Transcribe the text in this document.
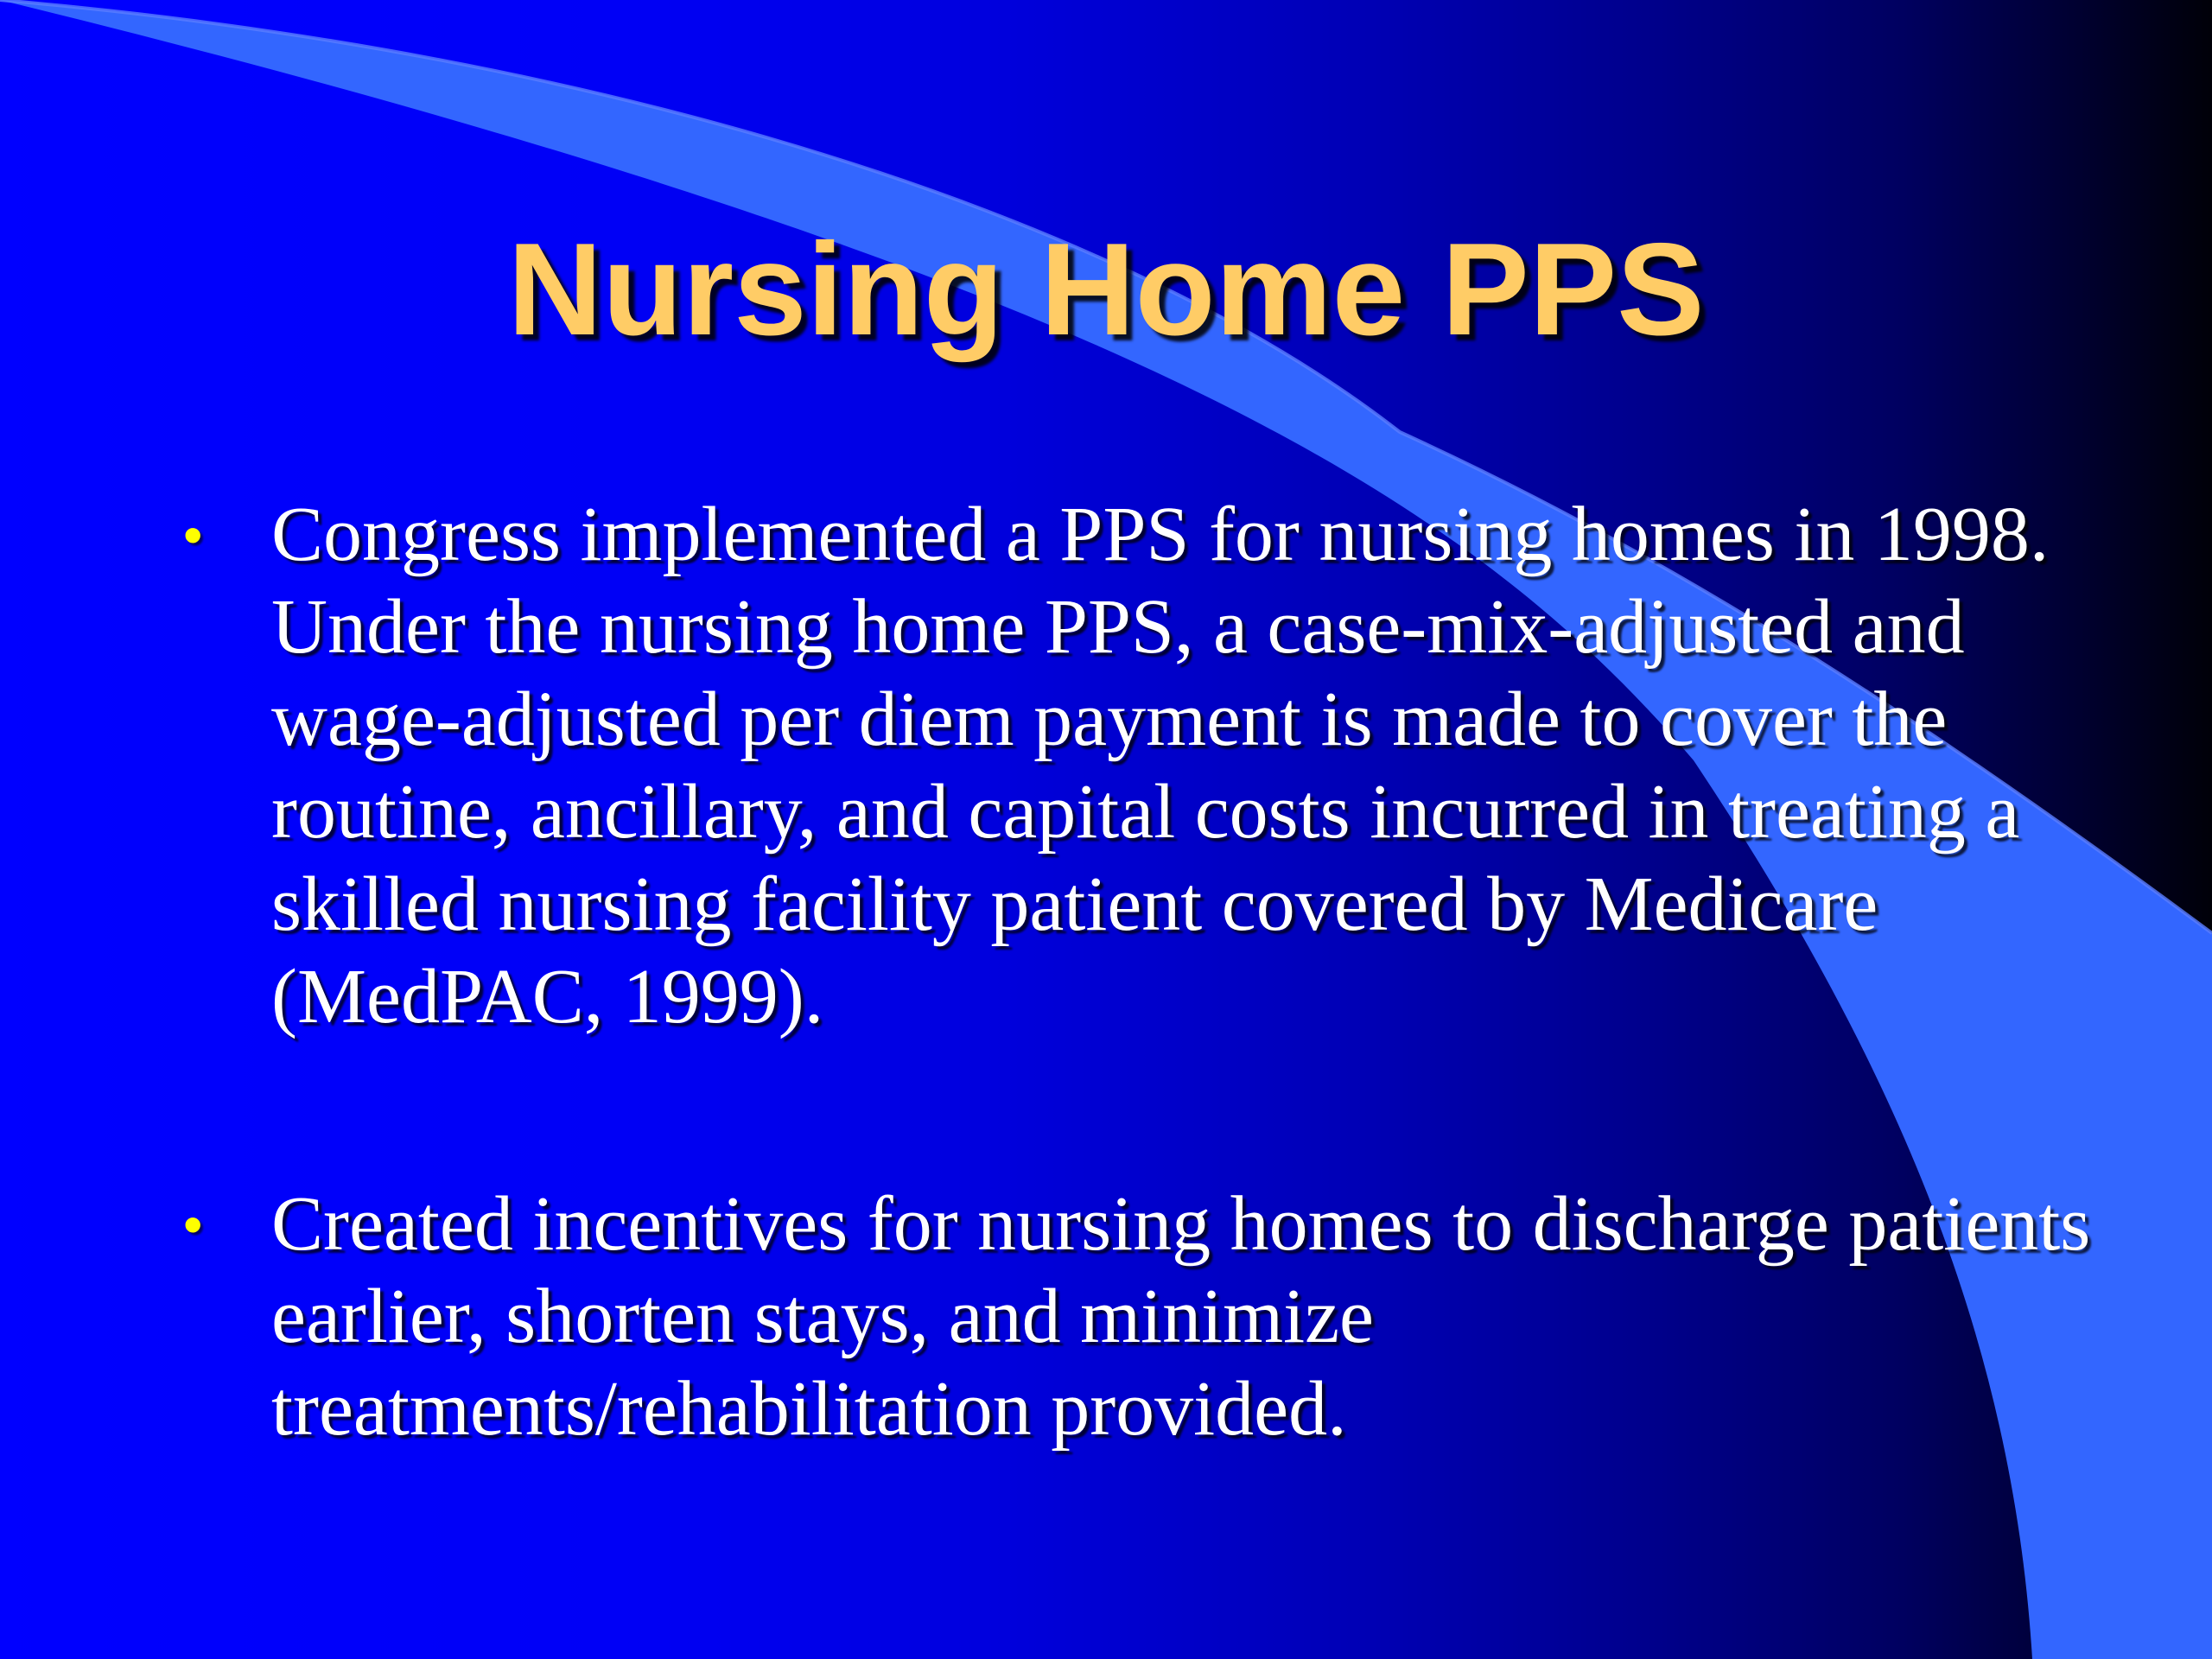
Nursing Home PPS
• Congress implemented a PPS for nursing homes in 1998. Under the nursing home PPS, a case-mix-adjusted and wage-adjusted per diem payment is made to cover the routine, ancillary, and capital costs incurred in treating a skilled nursing facility patient covered by Medicare (MedPAC, 1999).
• Created incentives for nursing homes to discharge patients earlier, shorten stays, and minimize treatments/rehabilitation provided.
